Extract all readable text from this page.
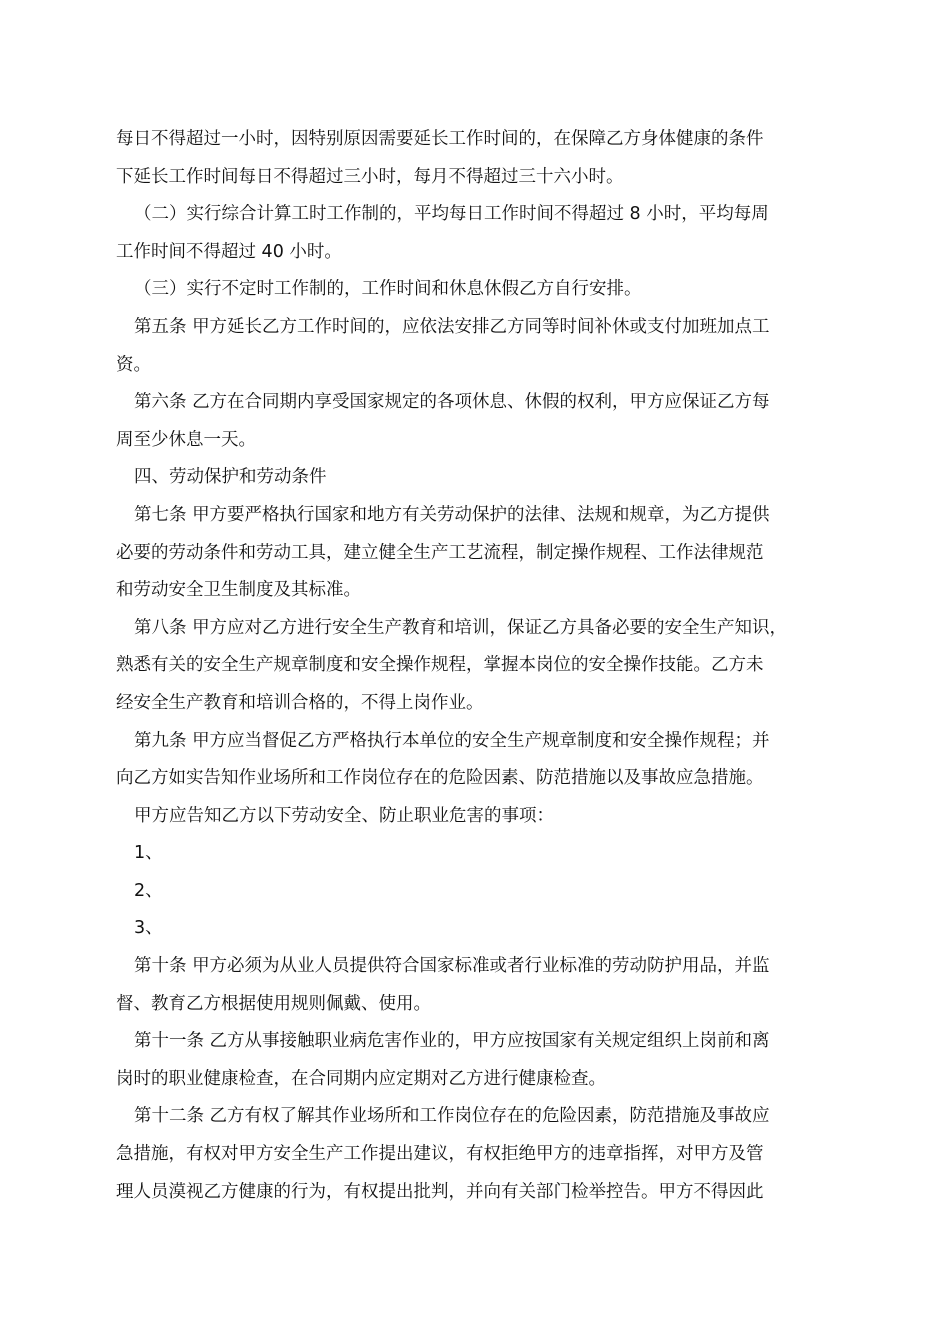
每日不得超过一小时，因特别原因需要延长工作时间的，在保障乙方身体健康的条件
下延长工作时间每日不得超过三小时，每月不得超过三十六小时。
（二）实行综合计算工时工作制的，平均每日工作时间不得超过 8 小时，平均每周
工作时间不得超过 40 小时。
（三）实行不定时工作制的，工作时间和休息休假乙方自行安排。
第五条 甲方延长乙方工作时间的，应依法安排乙方同等时间补休或支付加班加点工
资。
第六条 乙方在合同期内享受国家规定的各项休息、休假的权利，甲方应保证乙方每
周至少休息一天。
四、劳动保护和劳动条件
第七条 甲方要严格执行国家和地方有关劳动保护的法律、法规和规章，为乙方提供
必要的劳动条件和劳动工具，建立健全生产工艺流程，制定操作规程、工作法律规范
和劳动安全卫生制度及其标准。
第八条 甲方应对乙方进行安全生产教育和培训，保证乙方具备必要的安全生产知识，
熟悉有关的安全生产规章制度和安全操作规程，掌握本岗位的安全操作技能。乙方未
经安全生产教育和培训合格的，不得上岗作业。
第九条 甲方应当督促乙方严格执行本单位的安全生产规章制度和安全操作规程；并
向乙方如实告知作业场所和工作岗位存在的危险因素、防范措施以及事故应急措施。
甲方应告知乙方以下劳动安全、防止职业危害的事项：
1、
2、
3、
第十条 甲方必须为从业人员提供符合国家标准或者行业标准的劳动防护用品，并监
督、教育乙方根据使用规则佩戴、使用。
第十一条 乙方从事接触职业病危害作业的，甲方应按国家有关规定组织上岗前和离
岗时的职业健康检查，在合同期内应定期对乙方进行健康检查。
第十二条 乙方有权了解其作业场所和工作岗位存在的危险因素，防范措施及事故应
急措施，有权对甲方安全生产工作提出建议，有权拒绝甲方的违章指挥，对甲方及管
理人员漠视乙方健康的行为，有权提出批判，并向有关部门检举控告。甲方不得因此
